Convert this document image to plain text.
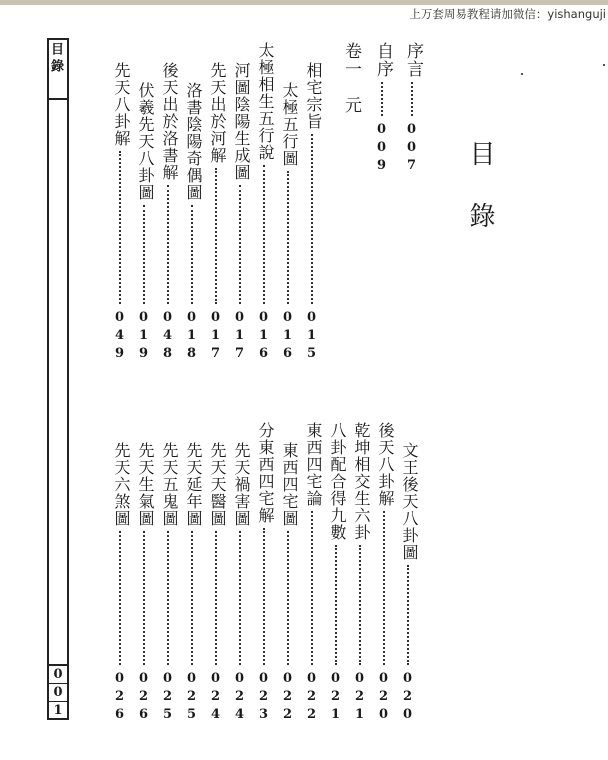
上万套周易教程请加微信：yishanguji
目錄
0
0
1
目錄
序言
007
自序
009
卷一　元
相宅宗旨
015
太極五行圖
016
太極相生五行說
016
河圖陰陽生成圖
017
先天出於河解
017
洛書陰陽奇偶圖
018
後天出於洛書解
048
伏羲先天八卦圖
019
先天八卦解
049
文王後天八卦圖
020
後天八卦解
020
乾坤相交生六卦
021
八卦配合得九數
021
東西四宅論
022
東西四宅圖
022
分東西四宅解
023
先天禍害圖
024
先天天醫圖
024
先天延年圖
025
先天五鬼圖
025
先天生氣圖
026
先天六煞圖
026
